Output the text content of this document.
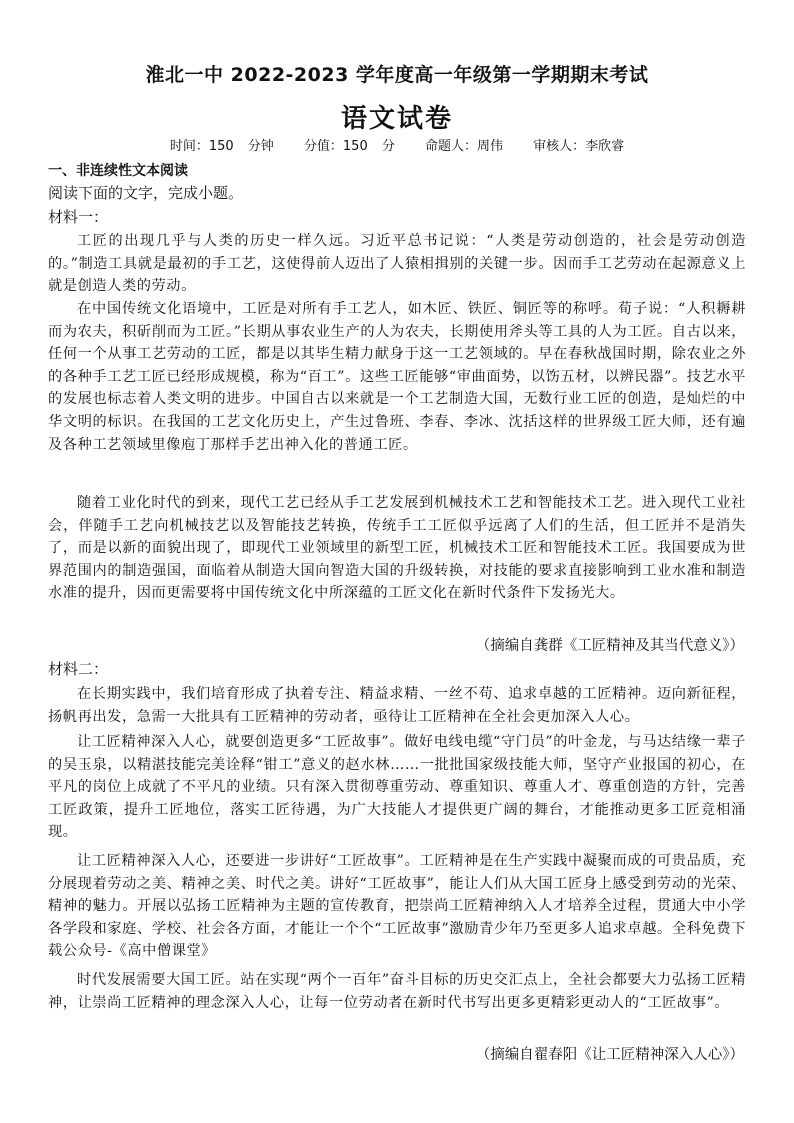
淮北一中 2022-2023 学年度高一年级第一学期期末考试
语文试卷
时间：150 分钟 分值：150 分 命题人：周伟 审核人：李欣睿
一、非连续性文本阅读
阅读下面的文字，完成小题。
材料一：

工匠的出现几乎与人类的历史一样久远。习近平总书记说：“人类是劳动创造的，社会是劳动创造的。”制造工具就是最初的手工艺，这使得前人迈出了人猿相揖别的关键一步。因而手工艺劳动在起源意义上就是创造人类的劳动。

在中国传统文化语境中，工匠是对所有手工艺人，如木匠、铁匠、铜匠等的称呼。荀子说：“人积耨耕而为农夫，积斫削而为工匠。”长期从事农业生产的人为农夫，长期使用斧头等工具的人为工匠。自古以来，任何一个从事工艺劳动的工匠，都是以其毕生精力献身于这一工艺领域的。早在春秋战国时期，除农业之外的各种手工艺工匠已经形成规模，称为“百工”。这些工匠能够“审曲面势，以饬五材，以辨民器”。技艺水平的发展也标志着人类文明的进步。中国自古以来就是一个工艺制造大国，无数行业工匠的创造，是灿烂的中华文明的标识。在我国的工艺文化历史上，产生过鲁班、李春、李冰、沈括这样的世界级工匠大师，还有遍及各种工艺领域里像庖丁那样手艺出神入化的普通工匠。

随着工业化时代的到来，现代工艺已经从手工艺发展到机械技术工艺和智能技术工艺。进入现代工业社会，伴随手工艺向机械技艺以及智能技艺转换，传统手工工匠似乎远离了人们的生活，但工匠并不是消失了，而是以新的面貌出现了，即现代工业领域里的新型工匠，机械技术工匠和智能技术工匠。我国要成为世界范围内的制造强国，面临着从制造大国向智造大国的升级转换，对技能的要求直接影响到工业水准和制造水准的提升，因而更需要将中国传统文化中所深蕴的工匠文化在新时代条件下发扬光大。

（摘编自龚群《工匠精神及其当代意义》）
材料二：

在长期实践中，我们培育形成了执着专注、精益求精、一丝不苟、追求卓越的工匠精神。迈向新征程，扬帆再出发，急需一大批具有工匠精神的劳动者，亟待让工匠精神在全社会更加深入人心。

让工匠精神深入人心，就要创造更多“工匠故事”。做好电线电缆“守门员”的叶金龙，与马达结缘一辈子的吴玉泉，以精湛技能完美诠释“钳工”意义的赵水林……一批批国家级技能大师，坚守产业报国的初心，在平凡的岗位上成就了不平凡的业绩。只有深入贯彻尊重劳动、尊重知识、尊重人才、尊重创造的方针，完善工匠政策，提升工匠地位，落实工匠待遇，为广大技能人才提供更广阔的舞台，才能推动更多工匠竞相涌现。

让工匠精神深入人心，还要进一步讲好“工匠故事”。工匠精神是在生产实践中凝聚而成的可贵品质，充分展现着劳动之美、精神之美、时代之美。讲好“工匠故事”，能让人们从大国工匠身上感受到劳动的光荣、精神的魅力。开展以弘扬工匠精神为主题的宣传教育，把崇尚工匠精神纳入人才培养全过程，贯通大中小学各学段和家庭、学校、社会各方面，才能让一个个“工匠故事”激励青少年乃至更多人追求卓越。全科免费下载公众号-《高中僧课堂》

时代发展需要大国工匠。站在实现“两个一百年”奋斗目标的历史交汇点上，全社会都要大力弘扬工匠精神，让崇尚工匠精神的理念深入人心，让每一位劳动者在新时代书写出更多更精彩更动人的“工匠故事”。

（摘编自翟春阳《让工匠精神深入人心》）
